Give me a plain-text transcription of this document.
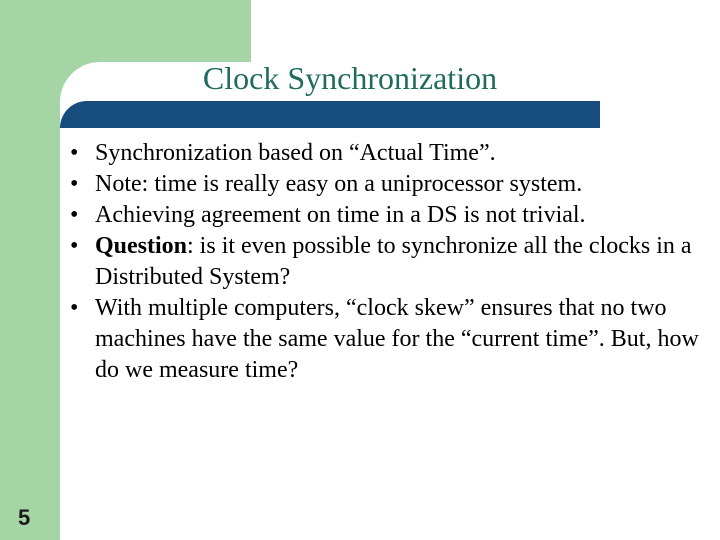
Clock Synchronization
• Synchronization based on “Actual Time”.
• Note: time is really easy on a uniprocessor system.
• Achieving agreement on time in a DS is not trivial.
• Question: is it even possible to synchronize all the clocks in a Distributed System?
• With multiple computers, “clock skew” ensures that no two machines have the same value for the “current time”. But, how do we measure time?
5
